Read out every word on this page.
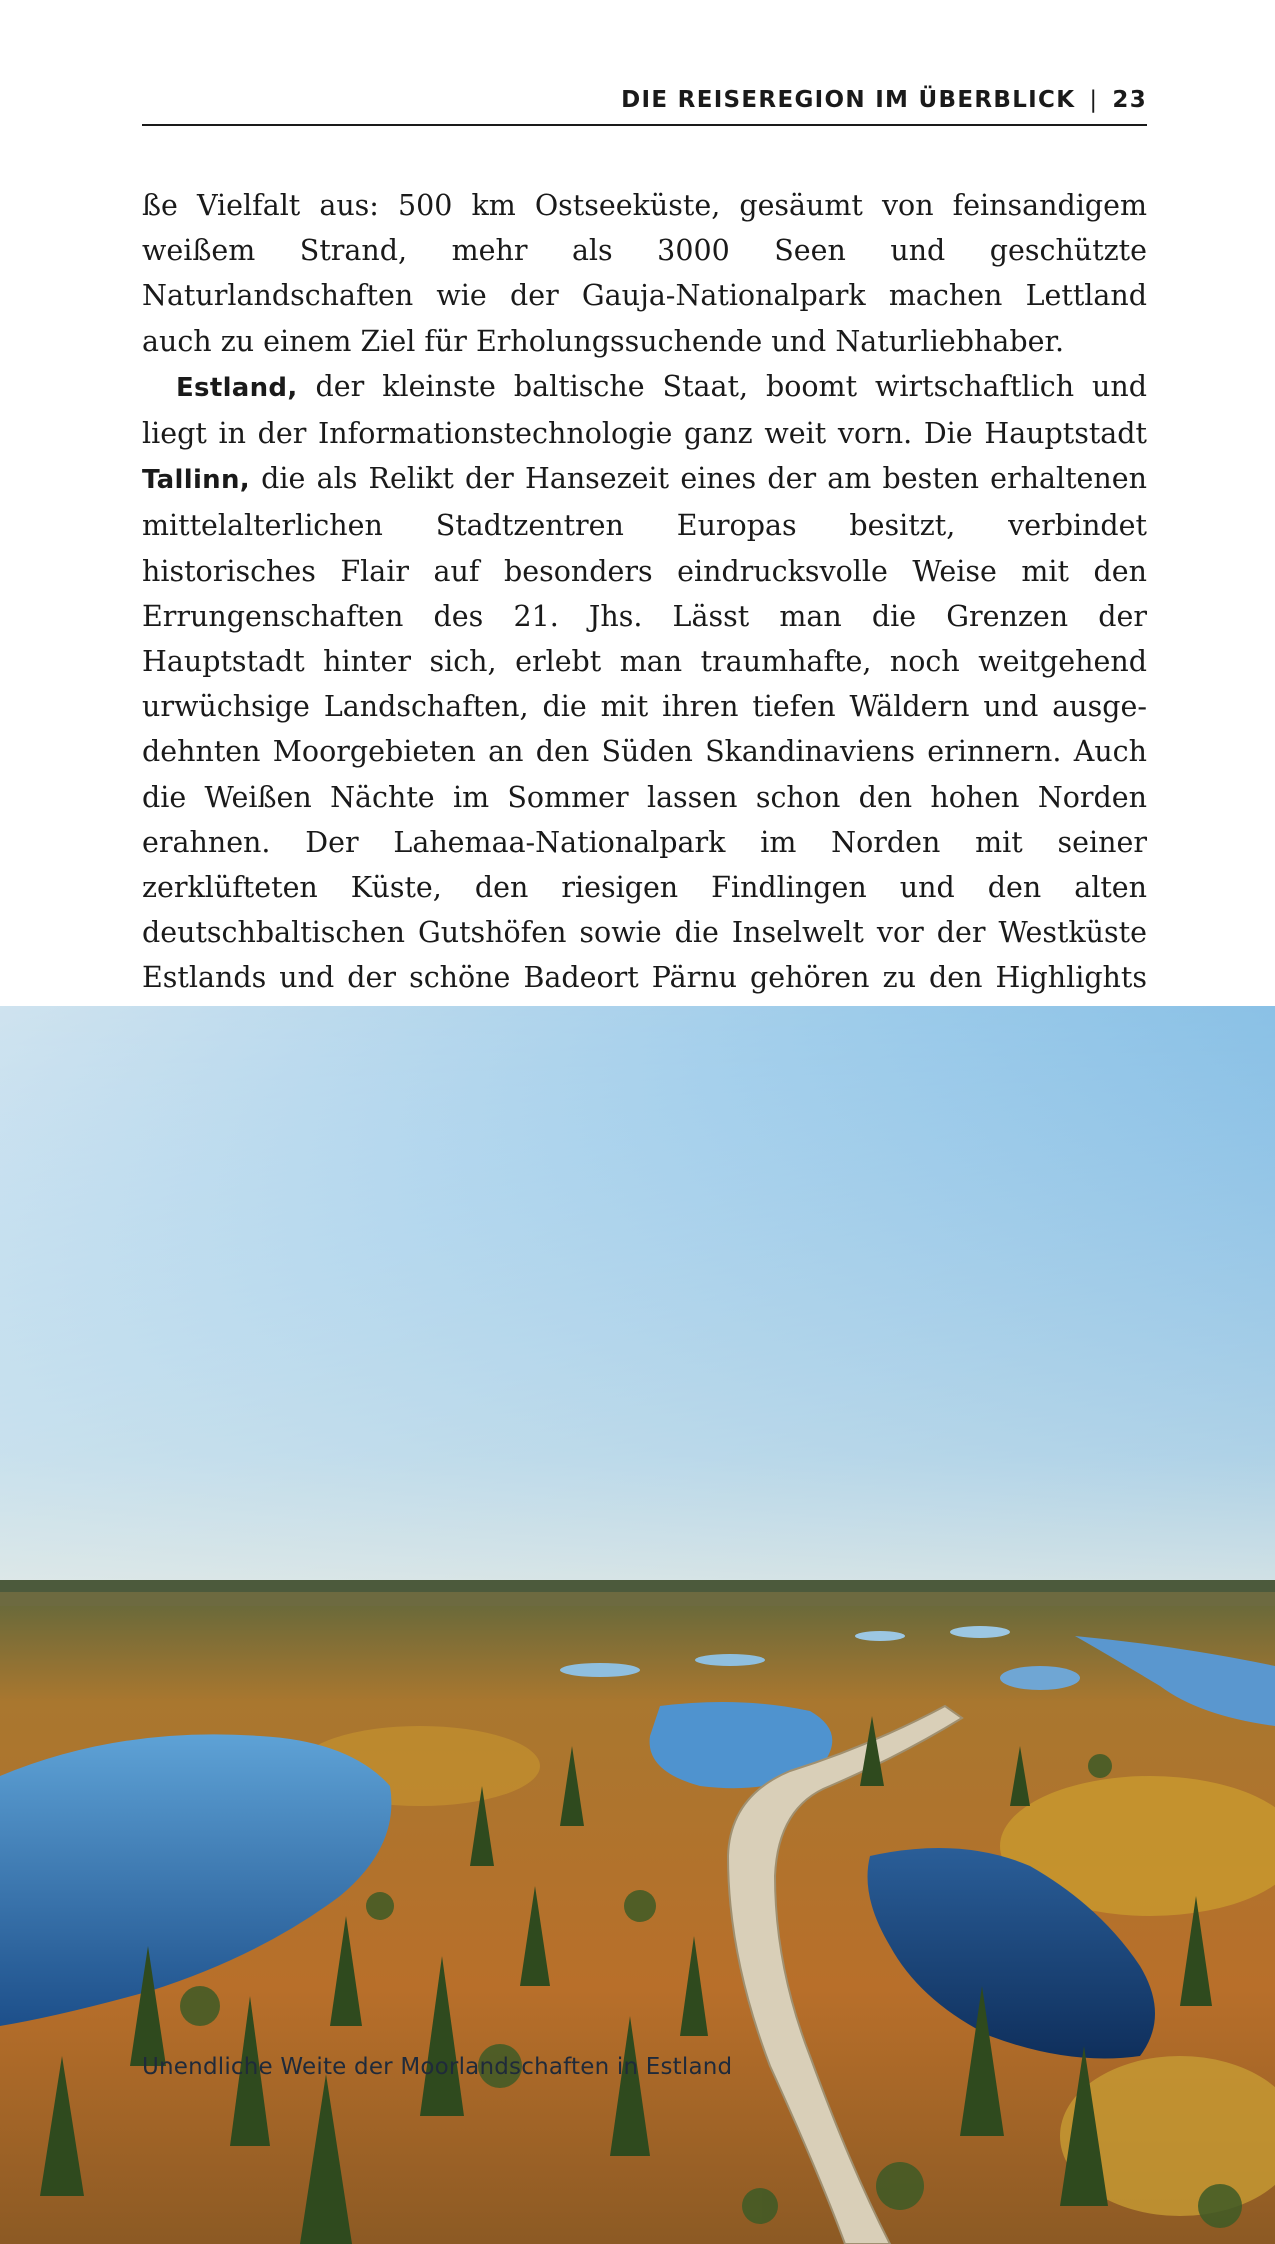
DIE REISEREGION IM ÜBERBLICK | 23

ße Vielfalt aus: 500 km Ostseeküste, gesäumt von feinsandigem weißem Strand, mehr als 3000 Seen und geschützte Naturlandschaften wie der Gauja-Nationalpark machen Lettland auch zu einem Ziel für Erholungssuchende und Naturliebhaber.

Estland, der kleinste baltische Staat, boomt wirtschaftlich und liegt in der Informationstechnologie ganz weit vorn. Die Hauptstadt Tallinn, die als Relikt der Hansezeit eines der am besten erhaltenen mittelalterlichen Stadtzentren Europas besitzt, verbindet historisches Flair auf besonders eindrucksvolle Weise mit den Errungenschaften des 21. Jhs. Lässt man die Grenzen der Hauptstadt hinter sich, erlebt man traumhafte, noch weitgehend urwüchsige Landschaften, die mit ihren tiefen Wäldern und ausgedehnten Moorgebieten an den Süden Skandinaviens erinnern. Auch die Weißen Nächte im Sommer lassen schon den hohen Norden erahnen. Der Lahemaa-Nationalpark im Norden mit seiner zerklüfteten Küste, den riesigen Findlingen und den alten deutschbaltischen Gutshöfen sowie die Inselwelt vor der Westküste Estlands und der schöne Badeort Pärnu gehören zu den Highlights

Unendliche Weite der Moorlandschaften in Estland
